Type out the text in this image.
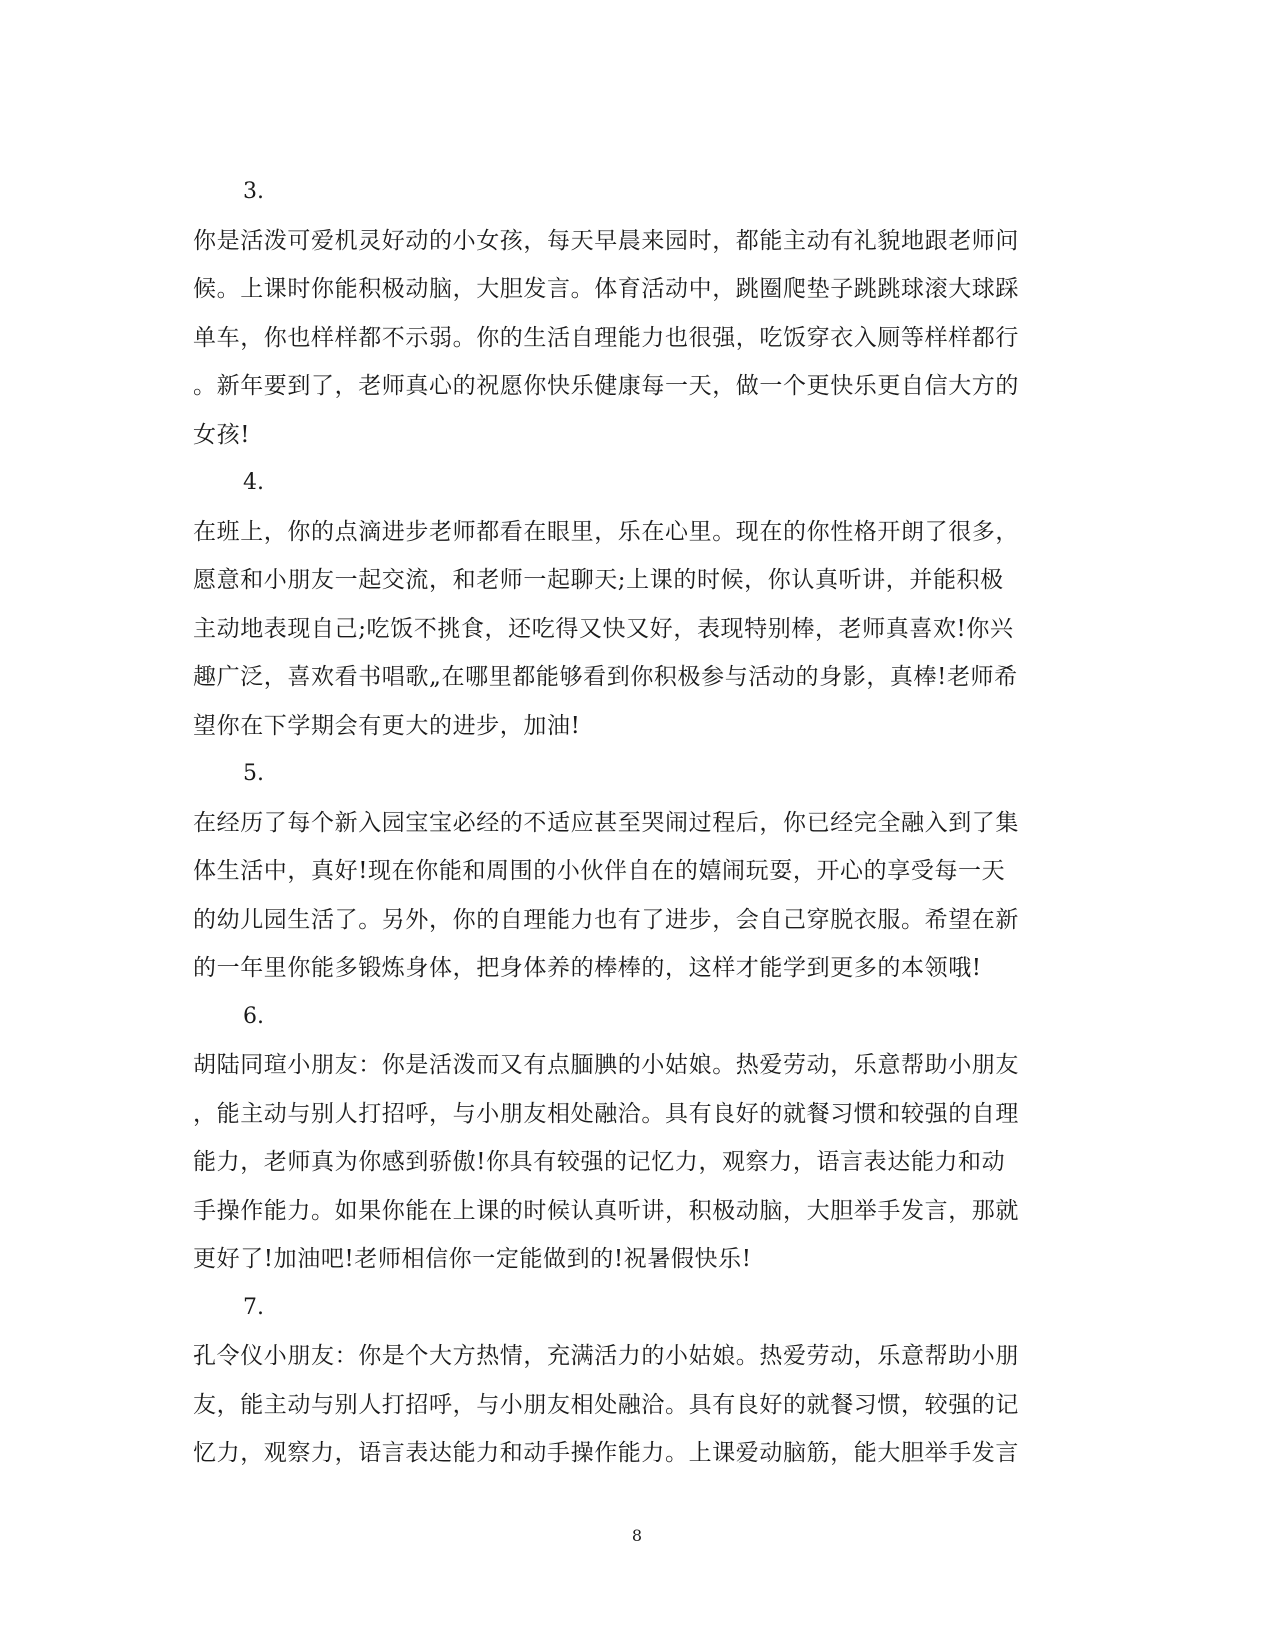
3.
你是活泼可爱机灵好动的小女孩，每天早晨来园时，都能主动有礼貌地跟老师问
候。上课时你能积极动脑，大胆发言。体育活动中，跳圈爬垫子跳跳球滚大球踩
单车，你也样样都不示弱。你的生活自理能力也很强，吃饭穿衣入厕等样样都行
。新年要到了，老师真心的祝愿你快乐健康每一天，做一个更快乐更自信大方的
女孩!
4.
在班上，你的点滴进步老师都看在眼里，乐在心里。现在的你性格开朗了很多，
愿意和小朋友一起交流，和老师一起聊天;上课的时候，你认真听讲，并能积极
主动地表现自己;吃饭不挑食，还吃得又快又好，表现特别棒，老师真喜欢!你兴
趣广泛，喜欢看书唱歌„在哪里都能够看到你积极参与活动的身影，真棒!老师希
望你在下学期会有更大的进步，加油!
5.
在经历了每个新入园宝宝必经的不适应甚至哭闹过程后，你已经完全融入到了集
体生活中，真好!现在你能和周围的小伙伴自在的嬉闹玩耍，开心的享受每一天
的幼儿园生活了。另外，你的自理能力也有了进步，会自己穿脱衣服。希望在新
的一年里你能多锻炼身体，把身体养的棒棒的，这样才能学到更多的本领哦!
6.
胡陆同瑄小朋友：你是活泼而又有点腼腆的小姑娘。热爱劳动，乐意帮助小朋友
，能主动与别人打招呼，与小朋友相处融洽。具有良好的就餐习惯和较强的自理
能力，老师真为你感到骄傲!你具有较强的记忆力，观察力，语言表达能力和动
手操作能力。如果你能在上课的时候认真听讲，积极动脑，大胆举手发言，那就
更好了!加油吧!老师相信你一定能做到的!祝暑假快乐!
7.
孔令仪小朋友：你是个大方热情，充满活力的小姑娘。热爱劳动，乐意帮助小朋
友，能主动与别人打招呼，与小朋友相处融洽。具有良好的就餐习惯，较强的记
忆力，观察力，语言表达能力和动手操作能力。上课爱动脑筋，能大胆举手发言
8
